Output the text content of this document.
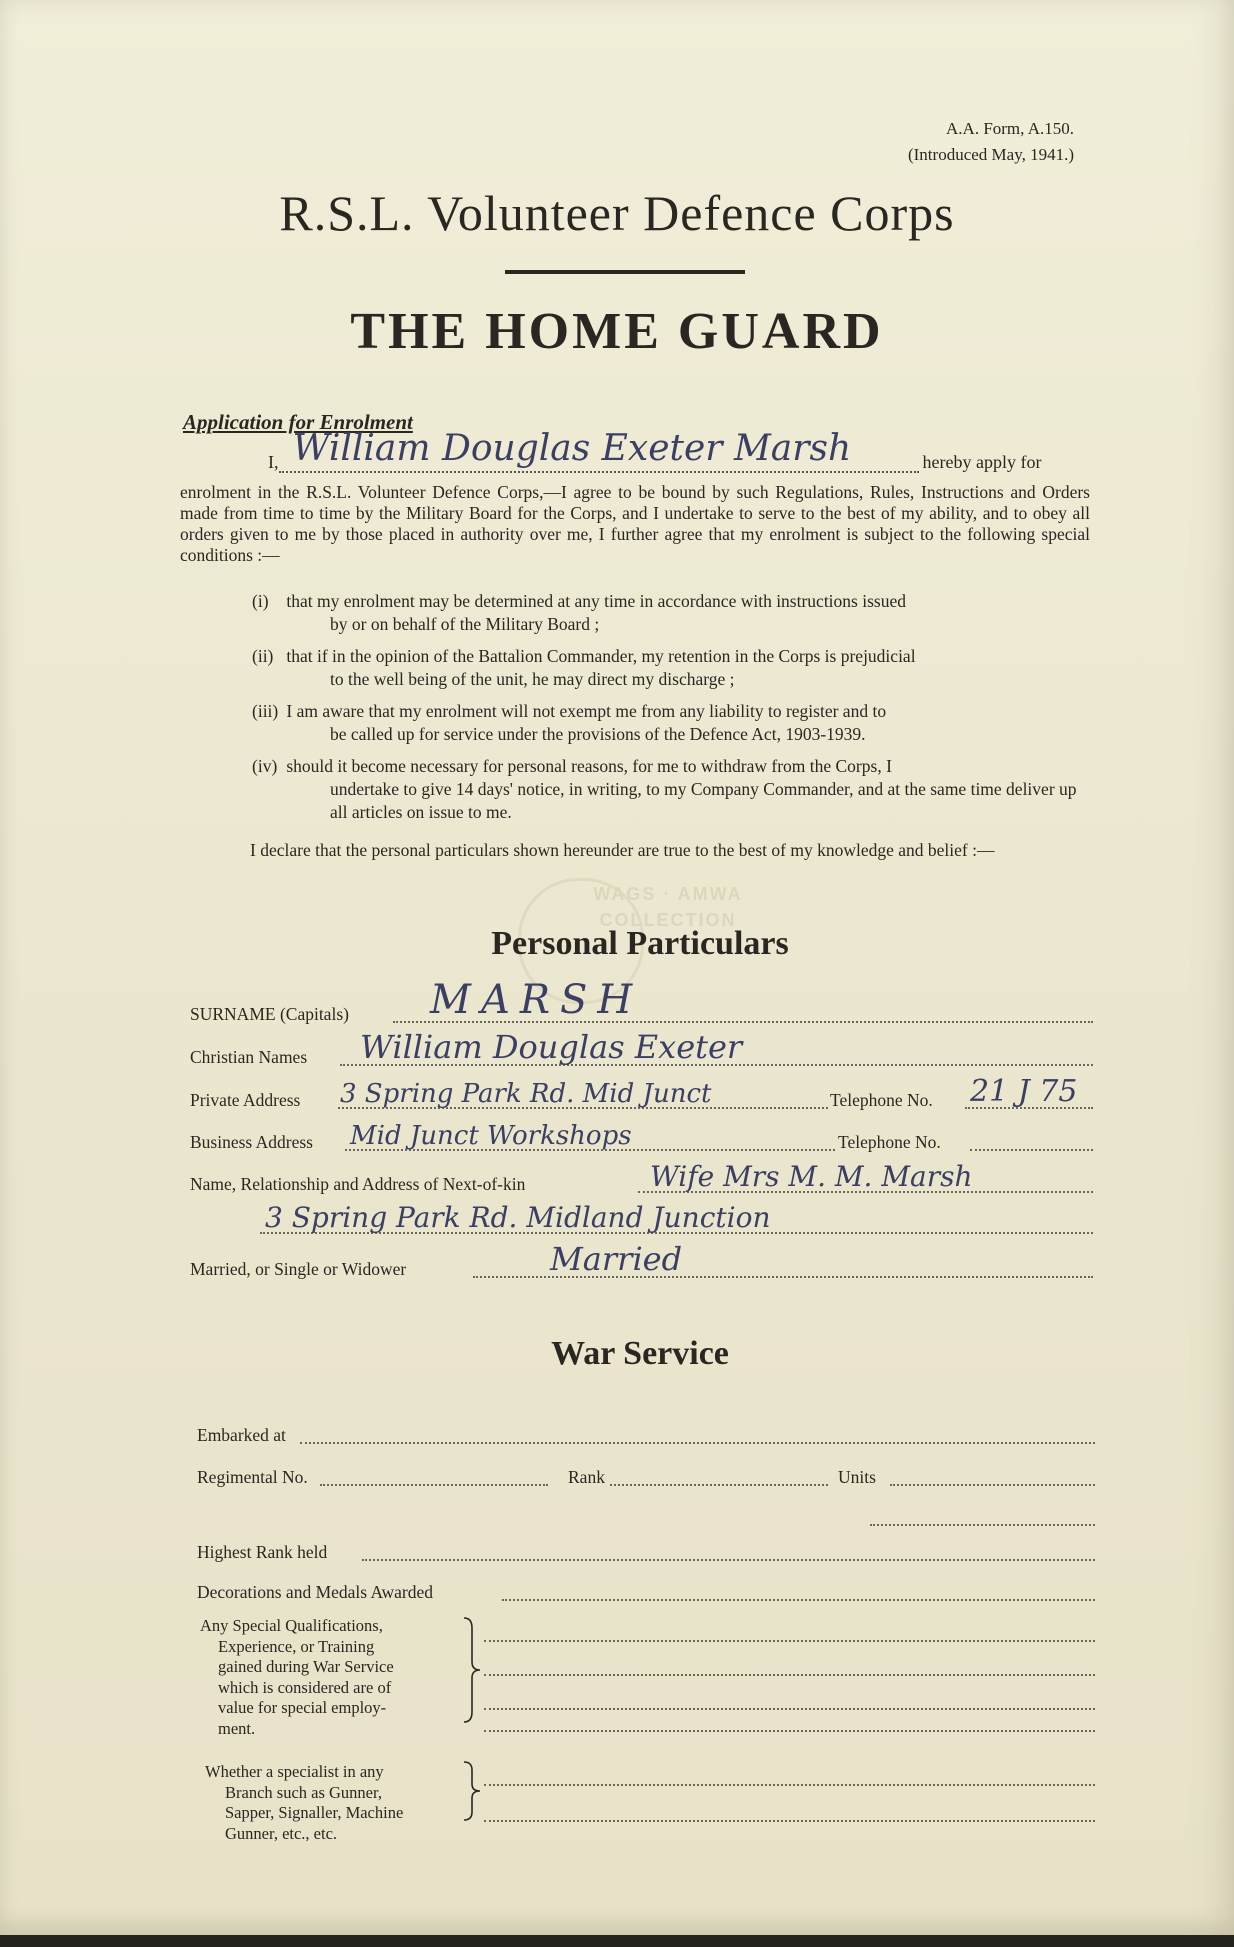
A.A. Form, A.150.
(Introduced May, 1941.)
R.S.L. Volunteer Defence Corps
THE HOME GUARD
Application for Enrolment
I, William Douglas Exeter Marsh	hereby apply for
enrolment in the R.S.L. Volunteer Defence Corps,—I agree to be bound by such Regulations, Rules, Instructions and Orders made from time to time by the Military Board for the Corps, and I undertake to serve to the best of my ability, and to obey all orders given to me by those placed in authority over me, I further agree that my enrolment is subject to the following special conditions :—
(i) that my enrolment may be determined at any time in accordance with instructions issued
by or on behalf of the Military Board ;
(ii) that if in the opinion of the Battalion Commander, my retention in the Corps is prejudicial
to the well being of the unit, he may direct my discharge ;
(iii) I am aware that my enrolment will not exempt me from any liability to register and to
be called up for service under the provisions of the Defence Act, 1903-1939.
(iv) should it become necessary for personal reasons, for me to withdraw from the Corps, I
undertake to give 14 days' notice, in writing, to my Company Commander, and at the same time deliver up all articles on issue to me.
I declare that the personal particulars shown hereunder are true to the best of my knowledge and belief :—
WAGS · AMWA
COLLECTION
Personal Particulars
SURNAME (Capitals) MARSH
Christian Names William Douglas Exeter
Private Address 3 Spring Park Rd. Mid Junct	Telephone No. 21 J 75
Business Address Mid Junct Workshops	Telephone No.
Name, Relationship and Address of Next-of-kin	Wife Mrs M. M. Marsh
3 Spring Park Rd. Midland Junction
Married, or Single or Widower	Married
War Service
Embarked at
Regimental No.	Rank	Units
Highest Rank held
Decorations and Medals Awarded
Any Special Qualifications,
Experience, or Training
gained during War Service
which is considered are of
value for special employ-
ment.
Whether a specialist in any
Branch such as Gunner,
Sapper, Signaller, Machine
Gunner, etc., etc.
